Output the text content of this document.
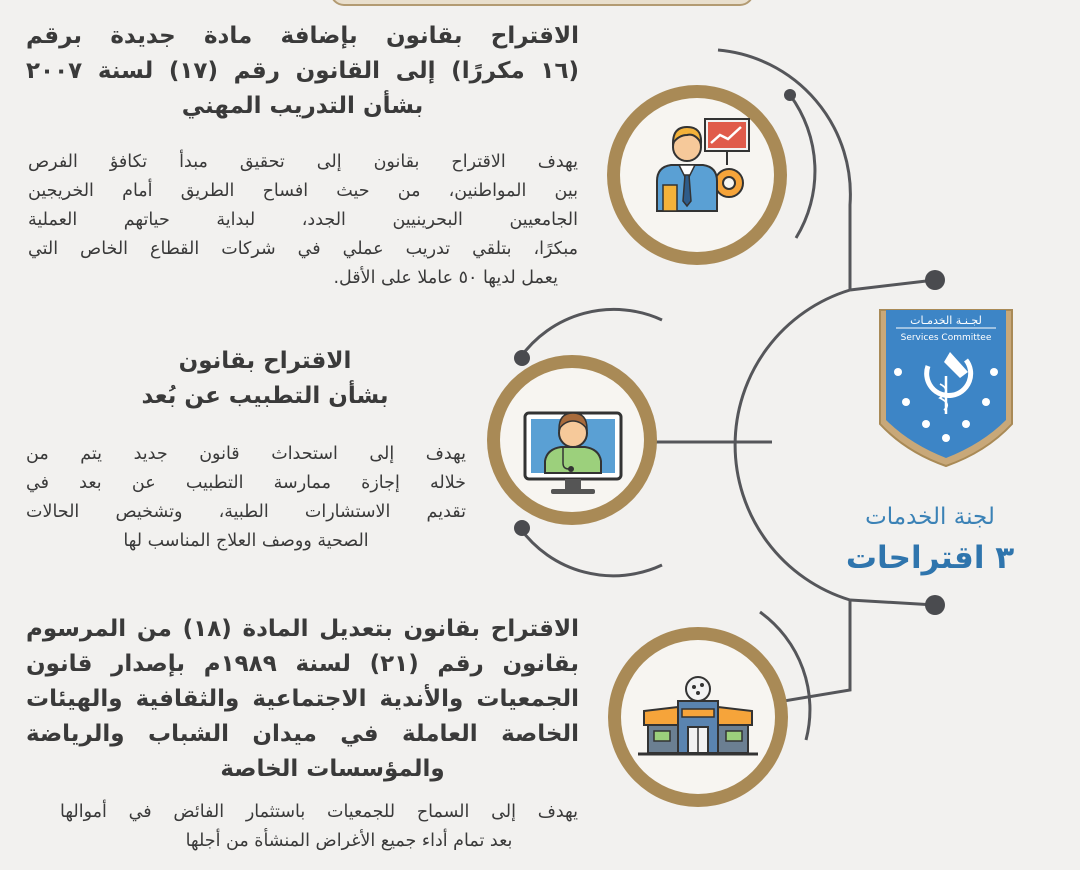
الاقتراح بقانون بإضافة مادة جديدة برقم
(١٦ مكررًا) إلى القانون رقم (١٧) لسنة ٢٠٠٧
بشأن التدريب المهني
يهدف الاقتراح بقانون إلى تحقيق مبدأ تكافؤ الفرص
بين المواطنين، من حيث افساح الطريق أمام الخريجين
الجامعيين البحرينيين الجدد، لبداية حياتهم العملية
مبكرًا، بتلقي تدريب عملي في شركات القطاع الخاص التي
يعمل لديها ٥٠ عاملا على الأقل.
الاقتراح بقانون
بشأن التطبيب عن بُعد
يهدف إلى استحداث قانون جديد يتم من
خلاله إجازة ممارسة التطبيب عن بعد في
تقديم الاستشارات الطبية، وتشخيص الحالات
الصحية ووصف العلاج المناسب لها
الاقتراح بقانون بتعديل المادة (١٨) من المرسوم
بقانون رقم (٢١) لسنة ١٩٨٩م بإصدار قانون
الجمعيات والأندية الاجتماعية والثقافية والهيئات
الخاصة العاملة في ميدان الشباب والرياضة
والمؤسسات الخاصة
يهدف إلى السماح للجمعيات باستثمار الفائض في أموالها
بعد تمام أداء جميع الأغراض المنشأة من أجلها
لجـنـة الخدمـات
Services Committee
لجنة الخدمات
٣ اقتراحات
